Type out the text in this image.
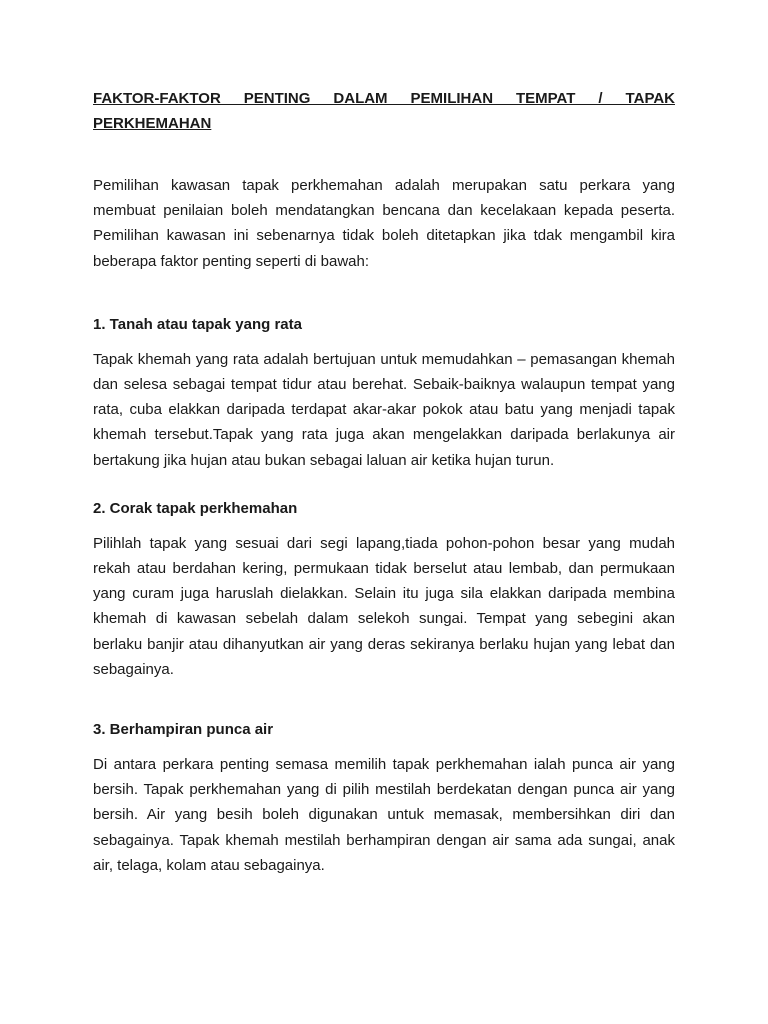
FAKTOR-FAKTOR PENTING DALAM PEMILIHAN TEMPAT / TAPAK

PERKHEMAHAN

Pemilihan kawasan tapak perkhemahan adalah merupakan satu perkara yang membuat penilaian boleh mendatangkan bencana dan kecelakaan kepada peserta. Pemilihan kawasan ini sebenarnya tidak boleh ditetapkan jika tdak mengambil kira beberapa faktor penting seperti di bawah:

1. Tanah atau tapak yang rata

Tapak khemah yang rata adalah bertujuan untuk memudahkan – pemasangan khemah dan selesa sebagai tempat tidur atau berehat. Sebaik-baiknya walaupun tempat yang rata, cuba elakkan daripada terdapat akar-akar pokok atau batu yang menjadi tapak khemah tersebut.Tapak yang rata juga akan mengelakkan daripada berlakunya air bertakung jika hujan atau bukan sebagai laluan air ketika hujan turun.

2. Corak tapak perkhemahan

Pilihlah tapak yang sesuai dari segi lapang,tiada pohon-pohon besar yang mudah rekah atau berdahan kering, permukaan tidak berselut atau lembab, dan permukaan yang curam juga haruslah dielakkan. Selain itu juga sila elakkan daripada membina khemah di kawasan sebelah dalam selekoh sungai. Tempat yang sebegini akan berlaku banjir atau dihanyutkan air yang deras sekiranya berlaku hujan yang lebat dan sebagainya.

3. Berhampiran punca air

Di antara perkara penting semasa memilih tapak perkhemahan ialah punca air yang bersih. Tapak perkhemahan yang di pilih mestilah berdekatan dengan punca air yang bersih. Air yang besih boleh digunakan untuk memasak, membersihkan diri dan sebagainya. Tapak khemah mestilah berhampiran dengan air sama ada sungai, anak air, telaga, kolam atau sebagainya.
